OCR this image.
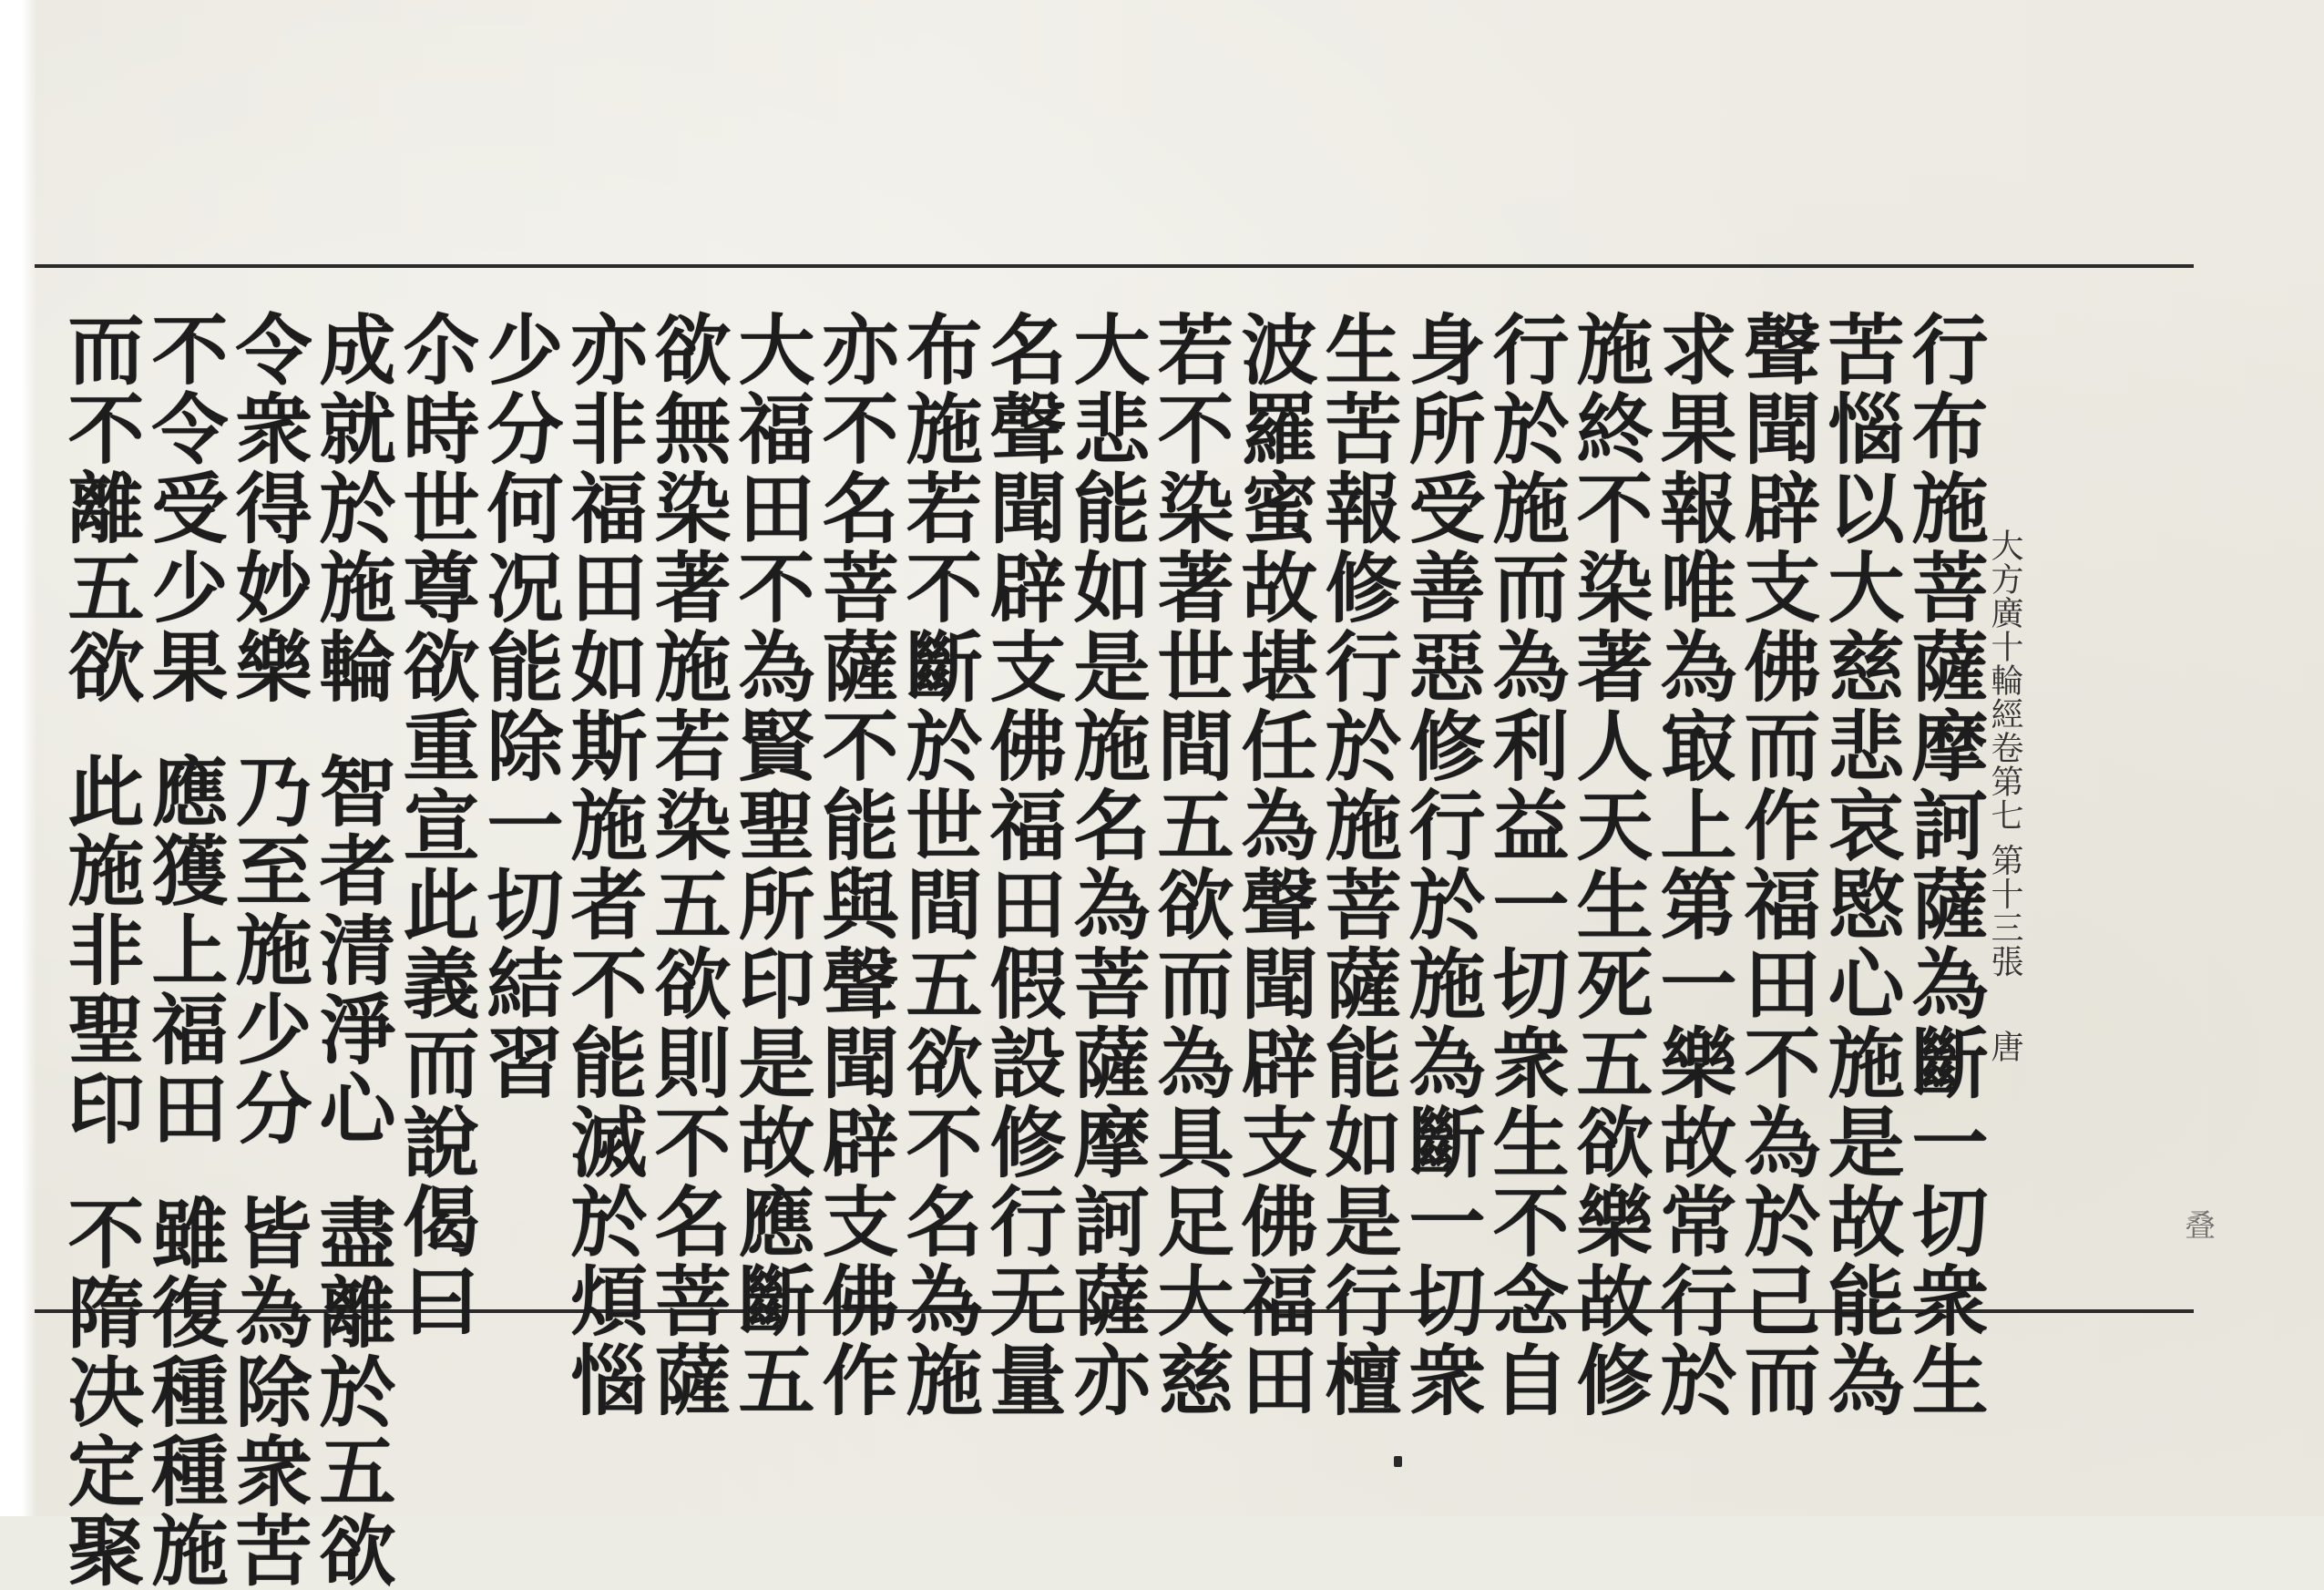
行布施菩薩摩訶薩為斷一切衆生
苦惱以大慈悲哀愍心施是故能為
聲聞辟支佛而作福田不為於己而
求果報唯為㝡上第一樂故常行於
施終不染著人天生死五欲樂故修
行於施而為利益一切衆生不念自
身所受善惡修行於施為斷一切衆
生苦報修行於施菩薩能如是行檀
波羅蜜故堪任為聲聞辟支佛福田
若不染著世間五欲而為具足大慈
大悲能如是施名為菩薩摩訶薩亦
名聲聞辟支佛福田假設修行无量
布施若不斷於世間五欲不名為施
亦不名菩薩不能與聲聞辟支佛作
大福田不為賢聖所印是故應斷五
欲無染著施若染五欲則不名菩薩
亦非福田如斯施者不能滅於煩惱
少分何况能除一切結習
尒時世尊欲重宣此義而說偈曰
成就於施輪智者清淨心盡離於五欲
令衆得妙樂乃至施少分皆為除衆苦
不令受少果應獲上福田雖復種種施
而不離五欲此施非聖印不隋决定聚
大方廣十輪經卷第七 第十三張 唐
叠
